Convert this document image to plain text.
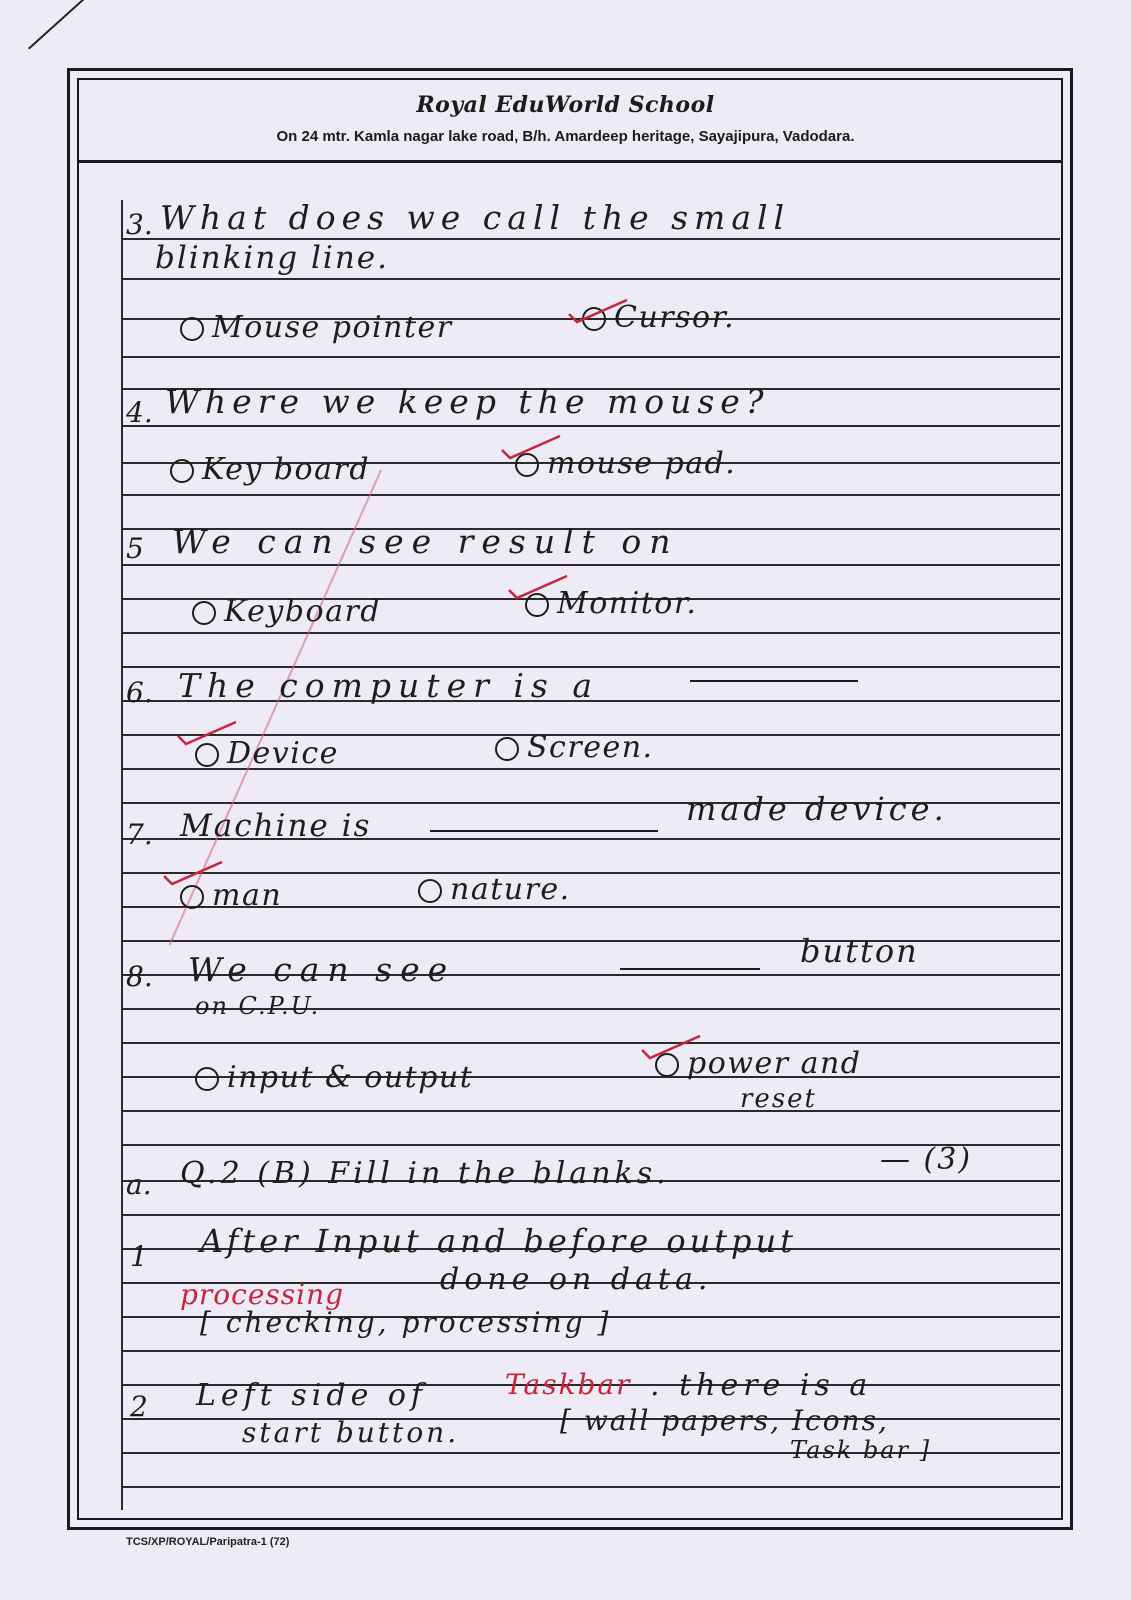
Royal EduWorld School
On 24 mtr. Kamla nagar lake road, B/h. Amardeep heritage, Sayajipura, Vadodara.
3. What does we call the small
blinking line.
Mouse pointer	Cursor.
4. Where we keep the mouse?
Key board	mouse pad.
5 We can see result on
Keyboard	Monitor.
6. The computer is a
Device	Screen.
7. Machine is	made device.
man	nature.
8. We can see	button
on C.P.U.
input & output	power and
reset
a. Q.2 (B) Fill in the blanks.	— (3)
1 After Input and before output
processing	done on data.
[ checking, processing ]
2 Left side of	Taskbar . there is a
start button.	[ wall papers, Icons,
Task bar ]
TCS/XP/ROYAL/Paripatra-1 (72)
